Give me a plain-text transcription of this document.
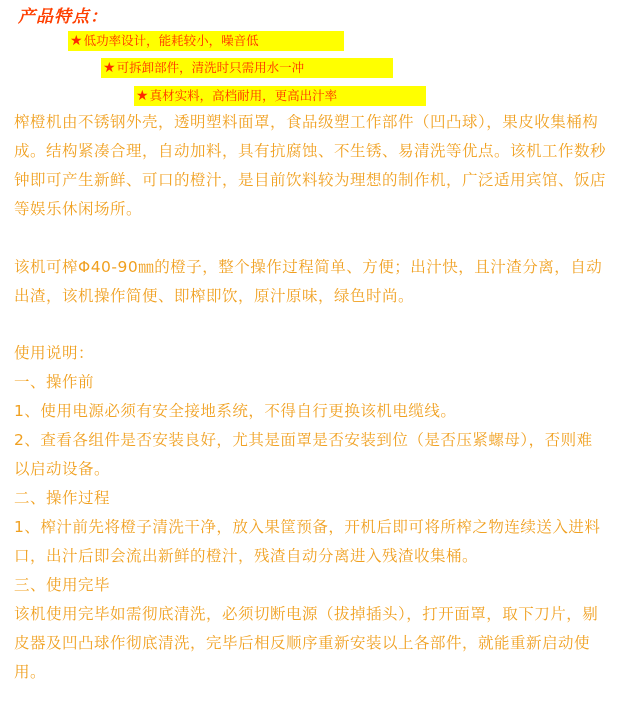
产品特点：
★低功率设计，能耗较小，噪音低
★可拆卸部件，清洗时只需用水一冲
★真材实料，高档耐用，更高出汁率

榨橙机由不锈钢外壳，透明塑料面罩，食品级塑工作部件（凹凸球），果皮收集桶构成。结构紧凑合理，自动加料，具有抗腐蚀、不生锈、易清洗等优点。该机工作数秒钟即可产生新鲜、可口的橙汁，是目前饮料较为理想的制作机，广泛适用宾馆、饭店等娱乐休闲场所。

该机可榨Φ40-90㎜的橙子，整个操作过程简单、方便；出汁快，且汁渣分离，自动出渣，该机操作简便、即榨即饮，原汁原味，绿色时尚。

使用说明：
一、操作前
1、使用电源必须有安全接地系统，不得自行更换该机电缆线。
2、查看各组件是否安装良好，尤其是面罩是否安装到位（是否压紧螺母），否则难以启动设备。
二、操作过程
1、榨汁前先将橙子清洗干净，放入果筐预备，开机后即可将所榨之物连续送入进料口，出汁后即会流出新鲜的橙汁，残渣自动分离进入残渣收集桶。
三、使用完毕
该机使用完毕如需彻底清洗，必须切断电源（拔掉插头），打开面罩，取下刀片，剔皮器及凹凸球作彻底清洗，完毕后相反顺序重新安装以上各部件，就能重新启动使用。
